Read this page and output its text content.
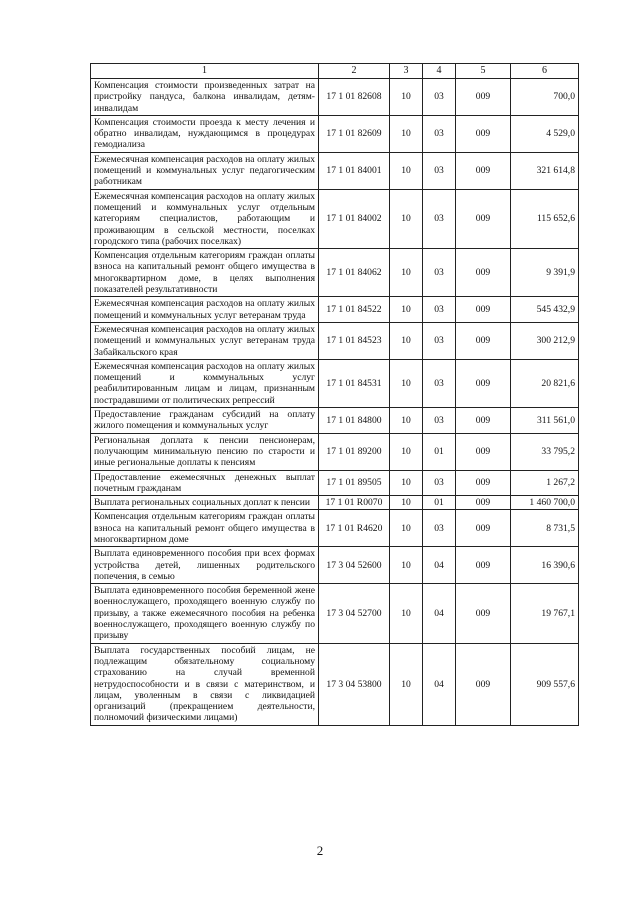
1	2	3	4	5	6
Компенсация стоимости произведенных затрат на пристройку пандуса, балкона инвалидам, детям-инвалидам	17 1 01 82608	10	03	009	700,0
Компенсация стоимости проезда к месту лечения и обратно инвалидам, нуждающимся в процедурах гемодиализа	17 1 01 82609	10	03	009	4 529,0
Ежемесячная компенсация расходов на оплату жилых помещений и коммунальных услуг педагогическим работникам	17 1 01 84001	10	03	009	321 614,8
Ежемесячная компенсация расходов на оплату жилых помещений и коммунальных услуг отдельным категориям специалистов, работающим и проживающим в сельской местности, поселках городского типа (рабочих поселках)	17 1 01 84002	10	03	009	115 652,6
Компенсация отдельным категориям граждан оплаты взноса на капитальный ремонт общего имущества в многоквартирном доме, в целях выполнения показателей результативности	17 1 01 84062	10	03	009	9 391,9
Ежемесячная компенсация расходов на оплату жилых помещений и коммунальных услуг ветеранам труда	17 1 01 84522	10	03	009	545 432,9
Ежемесячная компенсация расходов на оплату жилых помещений и коммунальных услуг ветеранам труда Забайкальского края	17 1 01 84523	10	03	009	300 212,9
Ежемесячная компенсация расходов на оплату жилых помещений и коммунальных услуг реабилитированным лицам и лицам, признанным пострадавшими от политических репрессий	17 1 01 84531	10	03	009	20 821,6
Предоставление гражданам субсидий на оплату жилого помещения и коммунальных услуг	17 1 01 84800	10	03	009	311 561,0
Региональная доплата к пенсии пенсионерам, получающим минимальную пенсию по старости и иные региональные доплаты к пенсиям	17 1 01 89200	10	01	009	33 795,2
Предоставление ежемесячных денежных выплат почетным гражданам	17 1 01 89505	10	03	009	1 267,2
Выплата региональных социальных доплат к пенсии	17 1 01 R0070	10	01	009	1 460 700,0
Компенсация отдельным категориям граждан оплаты взноса на капитальный ремонт общего имущества в многоквартирном доме	17 1 01 R4620	10	03	009	8 731,5
Выплата единовременного пособия при всех формах устройства детей, лишенных родительского попечения, в семью	17 3 04 52600	10	04	009	16 390,6
Выплата единовременного пособия беременной жене военнослужащего, проходящего военную службу по призыву, а также ежемесячного пособия на ребенка военнослужащего, проходящего военную службу по призыву	17 3 04 52700	10	04	009	19 767,1
Выплата государственных пособий лицам, не подлежащим обязательному социальному страхованию на случай временной нетрудоспособности и в связи с материнством, и лицам, уволенным в связи с ликвидацией организаций (прекращением деятельности, полномочий физическими лицами)	17 3 04 53800	10	04	009	909 557,6
2
